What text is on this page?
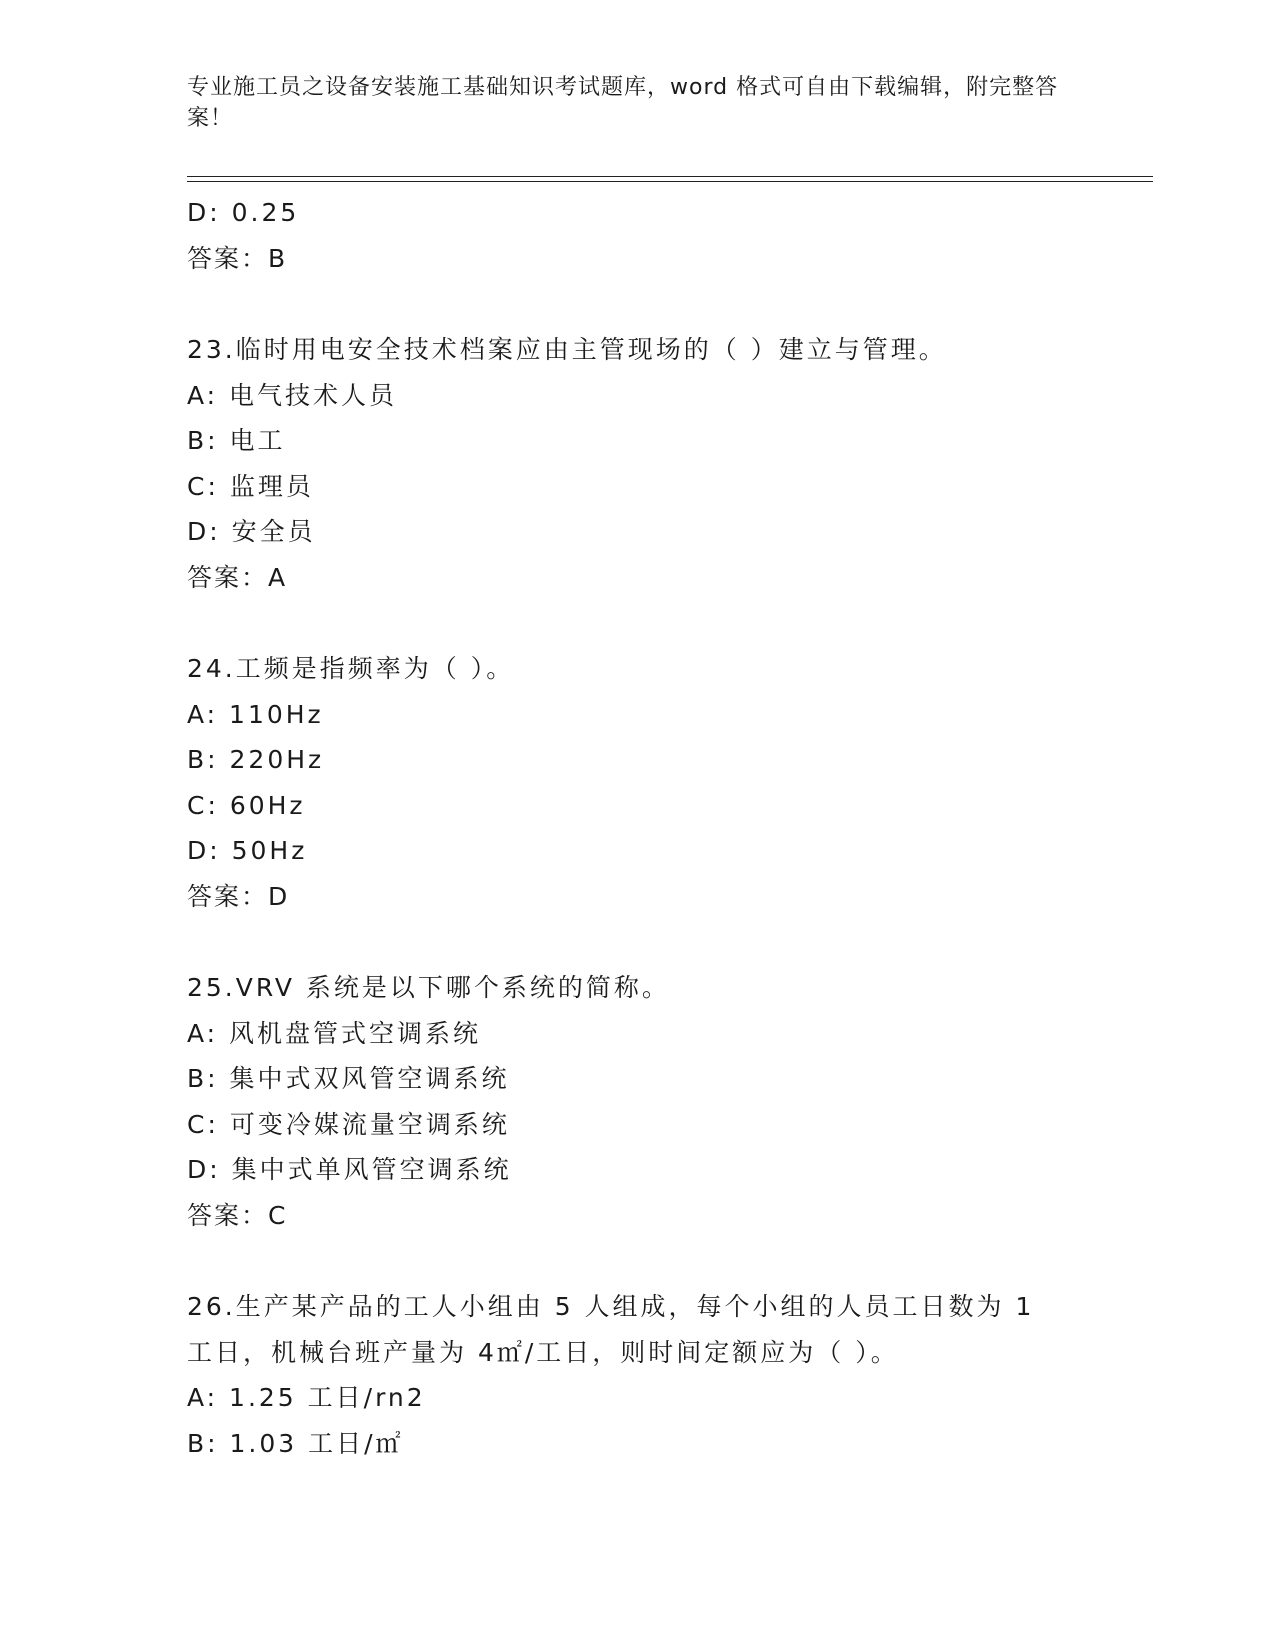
专业施工员之设备安装施工基础知识考试题库，word 格式可自由下载编辑，附完整答案！
D: 0.25
答案：B
23.临时用电安全技术档案应由主管现场的（ ）建立与管理。
A: 电气技术人员
B: 电工
C: 监理员
D: 安全员
答案：A
24.工频是指频率为（ ）。
A: 110Hz
B: 220Hz
C: 60Hz
D: 50Hz
答案：D
25.VRV 系统是以下哪个系统的简称。
A: 风机盘管式空调系统
B: 集中式双风管空调系统
C: 可变冷媒流量空调系统
D: 集中式单风管空调系统
答案：C
26.生产某产品的工人小组由 5 人组成，每个小组的人员工日数为 1 工日，机械台班产量为 4㎡/工日，则时间定额应为（ ）。
A: 1.25 工日/rn2
B: 1.03 工日/㎡
